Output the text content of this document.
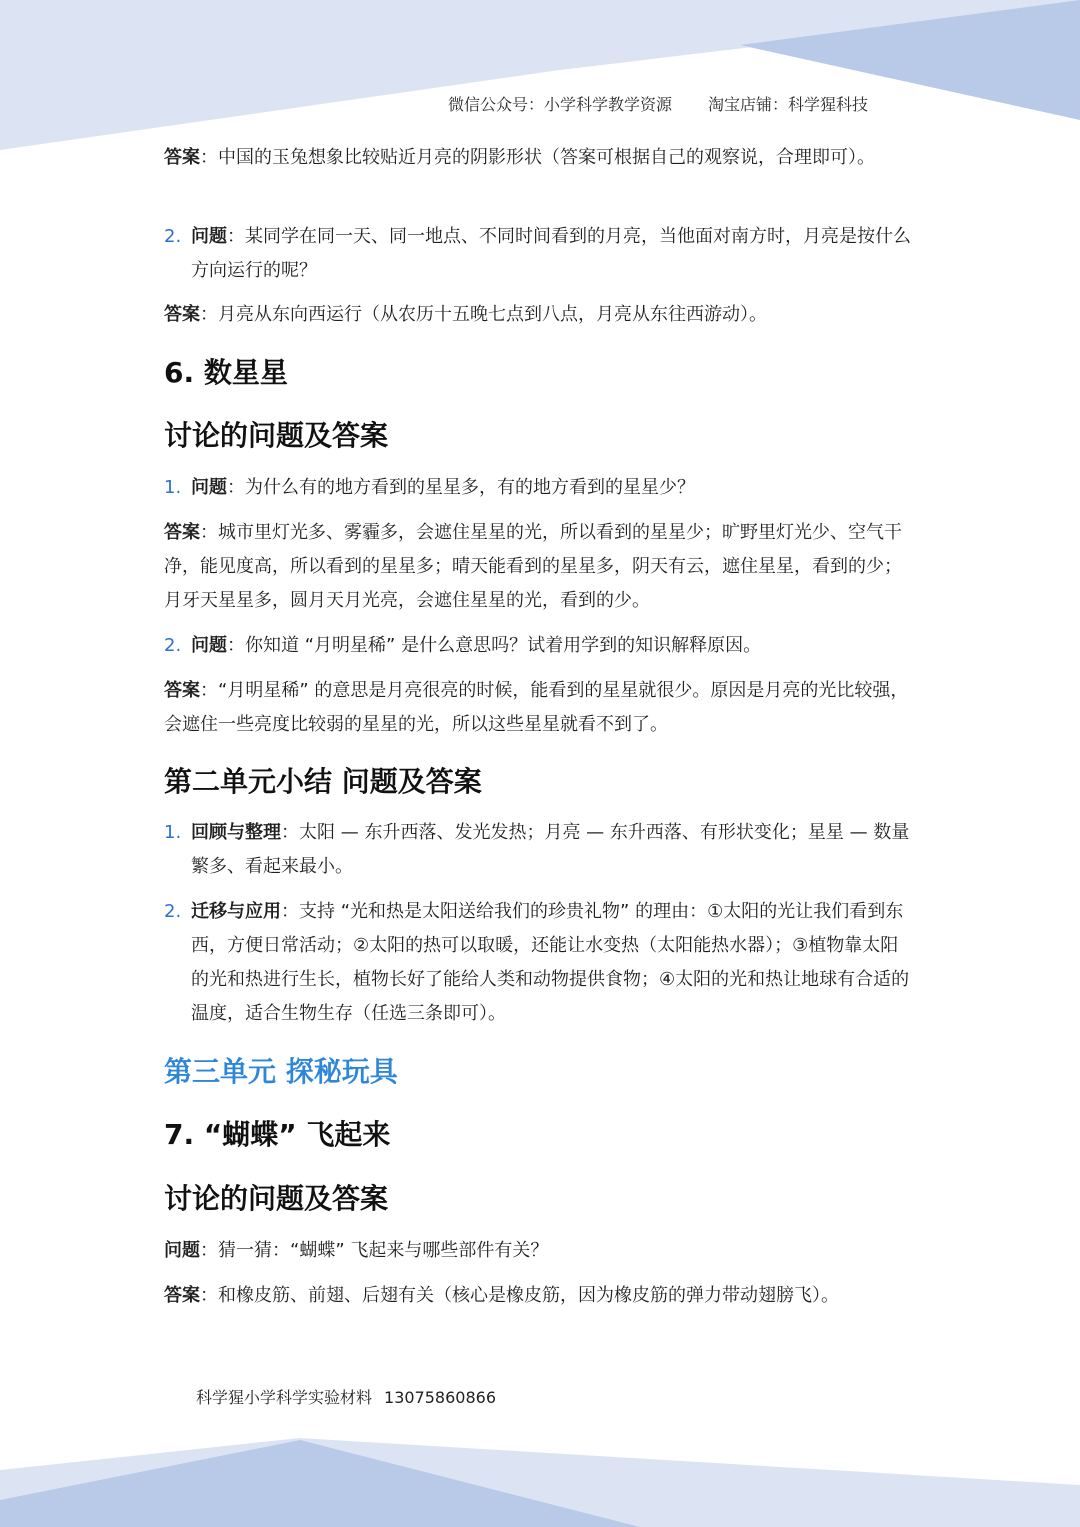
微信公众号：小学科学教学资源 淘宝店铺：科学猩科技

答案：中国的玉兔想象比较贴近月亮的阴影形状（答案可根据自己的观察说，合理即可）。

2. 问题：某同学在同一天、同一地点、不同时间看到的月亮，当他面对南方时，月亮是按什么方向运行的呢？

答案：月亮从东向西运行（从农历十五晚七点到八点，月亮从东往西游动）。

6. 数星星
讨论的问题及答案

1. 问题：为什么有的地方看到的星星多，有的地方看到的星星少？

答案：城市里灯光多、雾霾多，会遮住星星的光，所以看到的星星少；旷野里灯光少、空气干净，能见度高，所以看到的星星多；晴天能看到的星星多，阴天有云，遮住星星，看到的少；月牙天星星多，圆月天月光亮，会遮住星星的光，看到的少。

2. 问题：你知道 “月明星稀” 是什么意思吗？试着用学到的知识解释原因。

答案：“月明星稀” 的意思是月亮很亮的时候，能看到的星星就很少。原因是月亮的光比较强，会遮住一些亮度比较弱的星星的光，所以这些星星就看不到了。

第二单元小结 问题及答案

1. 回顾与整理：太阳 — 东升西落、发光发热；月亮 — 东升西落、有形状变化；星星 — 数量繁多、看起来最小。

2. 迁移与应用：支持 “光和热是太阳送给我们的珍贵礼物” 的理由：①太阳的光让我们看到东西，方便日常活动；②太阳的热可以取暖，还能让水变热（太阳能热水器）；③植物靠太阳的光和热进行生长，植物长好了能给人类和动物提供食物；④太阳的光和热让地球有合适的温度，适合生物生存（任选三条即可）。

第三单元 探秘玩具
7. “蝴蝶” 飞起来
讨论的问题及答案

问题：猜一猜：“蝴蝶” 飞起来与哪些部件有关？

答案：和橡皮筋、前翅、后翅有关（核心是橡皮筋，因为橡皮筋的弹力带动翅膀飞）。

科学猩小学科学实验材料 13075860866
